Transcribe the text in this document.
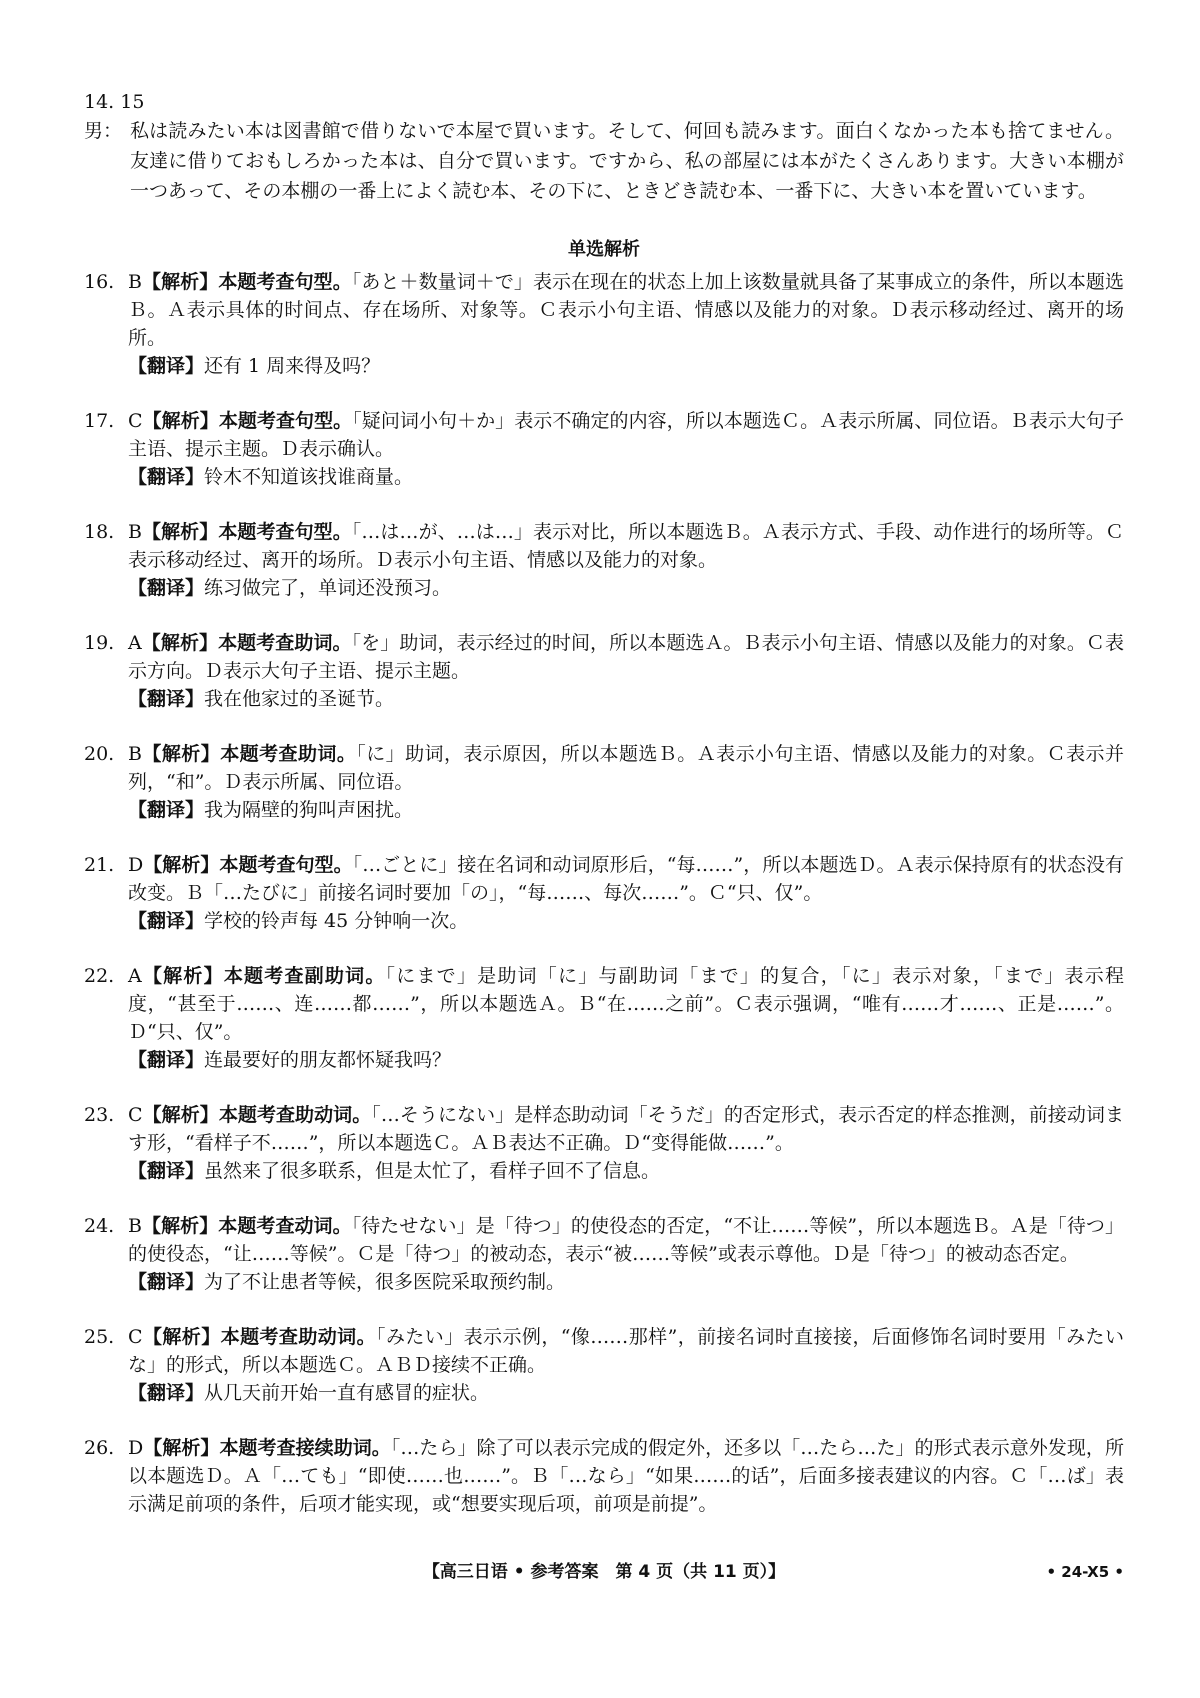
14. 15
男： 私は読みたい本は図書館で借りないで本屋で買います。そして、何回も読みます。面白くなかった本も捨てません。友達に借りておもしろかった本は、自分で買います。ですから、私の部屋には本がたくさんあります。大きい本棚が一つあって、その本棚の一番上によく読む本、その下に、ときどき読む本、一番下に、大きい本を置いています。
单选解析
16. B【解析】本题考查句型。「あと＋数量词＋で」表示在现在的状态上加上该数量就具备了某事成立的条件，所以本题选Ｂ。Ａ表示具体的时间点、存在场所、对象等。Ｃ表示小句主语、情感以及能力的对象。Ｄ表示移动经过、离开的场所。
【翻译】还有 1 周来得及吗？
17. C【解析】本题考查句型。「疑问词小句＋か」表示不确定的内容，所以本题选Ｃ。Ａ表示所属、同位语。Ｂ表示大句子主语、提示主题。Ｄ表示确认。
【翻译】铃木不知道该找谁商量。
18. B【解析】本题考查句型。「…は…が、…は…」表示对比，所以本题选Ｂ。Ａ表示方式、手段、动作进行的场所等。Ｃ表示移动经过、离开的场所。Ｄ表示小句主语、情感以及能力的对象。
【翻译】练习做完了，单词还没预习。
19. A【解析】本题考查助词。「を」助词，表示经过的时间，所以本题选Ａ。Ｂ表示小句主语、情感以及能力的对象。Ｃ表示方向。Ｄ表示大句子主语、提示主题。
【翻译】我在他家过的圣诞节。
20. B【解析】本题考查助词。「に」助词，表示原因，所以本题选Ｂ。Ａ表示小句主语、情感以及能力的对象。Ｃ表示并列，“和”。Ｄ表示所属、同位语。
【翻译】我为隔壁的狗叫声困扰。
21. D【解析】本题考查句型。「…ごとに」接在名词和动词原形后，“每……”，所以本题选Ｄ。Ａ表示保持原有的状态没有改变。Ｂ「…たびに」前接名词时要加「の」，“每……、每次……”。Ｃ“只、仅”。
【翻译】学校的铃声每 45 分钟响一次。
22. A【解析】本题考查副助词。「にまで」是助词「に」与副助词「まで」的复合，「に」表示对象，「まで」表示程度，“甚至于……、连……都……”，所以本题选Ａ。Ｂ“在……之前”。Ｃ表示强调，“唯有……才……、正是……”。Ｄ“只、仅”。
【翻译】连最要好的朋友都怀疑我吗？
23. C【解析】本题考查助动词。「…そうにない」是样态助动词「そうだ」的否定形式，表示否定的样态推测，前接动词ます形，“看样子不……”，所以本题选Ｃ。ＡＢ表达不正确。Ｄ“变得能做……”。
【翻译】虽然来了很多联系，但是太忙了，看样子回不了信息。
24. B【解析】本题考查动词。「待たせない」是「待つ」的使役态的否定，“不让……等候”，所以本题选Ｂ。Ａ是「待つ」的使役态，“让……等候”。Ｃ是「待つ」的被动态，表示“被……等候”或表示尊他。Ｄ是「待つ」的被动态否定。
【翻译】为了不让患者等候，很多医院采取预约制。
25. C【解析】本题考查助动词。「みたい」表示示例，“像……那样”，前接名词时直接接，后面修饰名词时要用「みたいな」的形式，所以本题选Ｃ。ＡＢＤ接续不正确。
【翻译】从几天前开始一直有感冒的症状。
26. D【解析】本题考查接续助词。「…たら」除了可以表示完成的假定外，还多以「…たら…た」的形式表示意外发现，所以本题选Ｄ。Ａ「…ても」“即使……也……”。Ｂ「…なら」“如果……的话”，后面多接表建议的内容。Ｃ「…ば」表示满足前项的条件，后项才能实现，或“想要实现后项，前项是前提”。
【高三日语 • 参考答案　第 4 页（共 11 页）】	• 24-X5 •
